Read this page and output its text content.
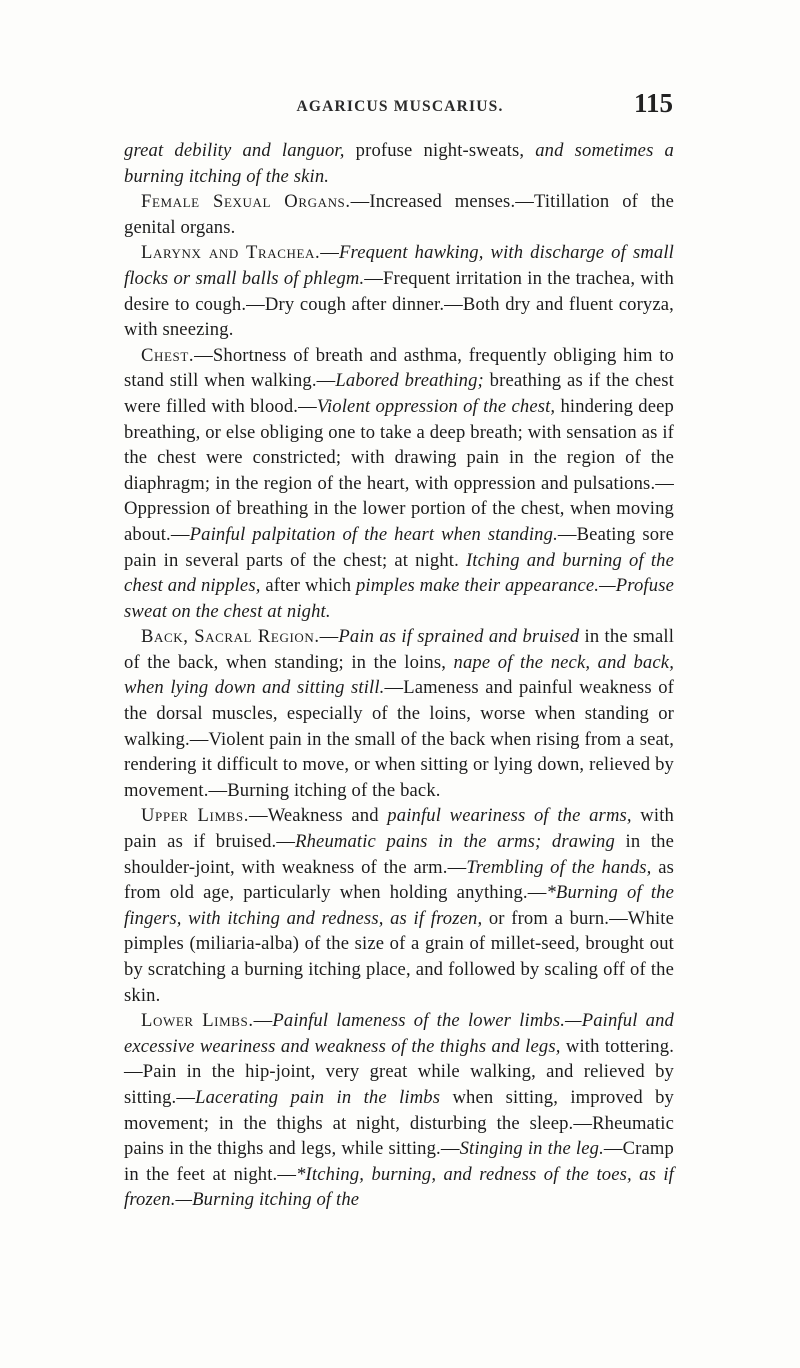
AGARICUS MUSCARIUS.	115

great debility and languor, profuse night-sweats, and sometimes a burning itching of the skin.

Female Sexual Organs.—Increased menses.—Titillation of the genital organs.

Larynx and Trachea.—Frequent hawking, with discharge of small flocks or small balls of phlegm.—Frequent irritation in the trachea, with desire to cough.—Dry cough after dinner.—Both dry and fluent coryza, with sneezing.

Chest.—Shortness of breath and asthma, frequently obliging him to stand still when walking.—Labored breathing; breathing as if the chest were filled with blood.—Violent oppression of the chest, hindering deep breathing, or else obliging one to take a deep breath; with sensation as if the chest were constricted; with drawing pain in the region of the diaphragm; in the region of the heart, with oppression and pulsations.—Oppression of breathing in the lower portion of the chest, when moving about.—Painful palpitation of the heart when standing.—Beating sore pain in several parts of the chest; at night. Itching and burning of the chest and nipples, after which pimples make their appearance.—Profuse sweat on the chest at night.

Back, Sacral Region.—Pain as if sprained and bruised in the small of the back, when standing; in the loins, nape of the neck, and back, when lying down and sitting still.—Lameness and painful weakness of the dorsal muscles, especially of the loins, worse when standing or walking.—Violent pain in the small of the back when rising from a seat, rendering it difficult to move, or when sitting or lying down, relieved by movement.—Burning itching of the back.

Upper Limbs.—Weakness and painful weariness of the arms, with pain as if bruised.—Rheumatic pains in the arms; drawing in the shoulder-joint, with weakness of the arm.—Trembling of the hands, as from old age, particularly when holding anything.—*Burning of the fingers, with itching and redness, as if frozen, or from a burn.—White pimples (miliaria-alba) of the size of a grain of millet-seed, brought out by scratching a burning itching place, and followed by scaling off of the skin.

Lower Limbs.—Painful lameness of the lower limbs.—Painful and excessive weariness and weakness of the thighs and legs, with tottering.—Pain in the hip-joint, very great while walking, and relieved by sitting.—Lacerating pain in the limbs when sitting, improved by movement; in the thighs at night, disturbing the sleep.—Rheumatic pains in the thighs and legs, while sitting.—Stinging in the leg.—Cramp in the feet at night.—*Itching, burning, and redness of the toes, as if frozen.—Burning itching of the
